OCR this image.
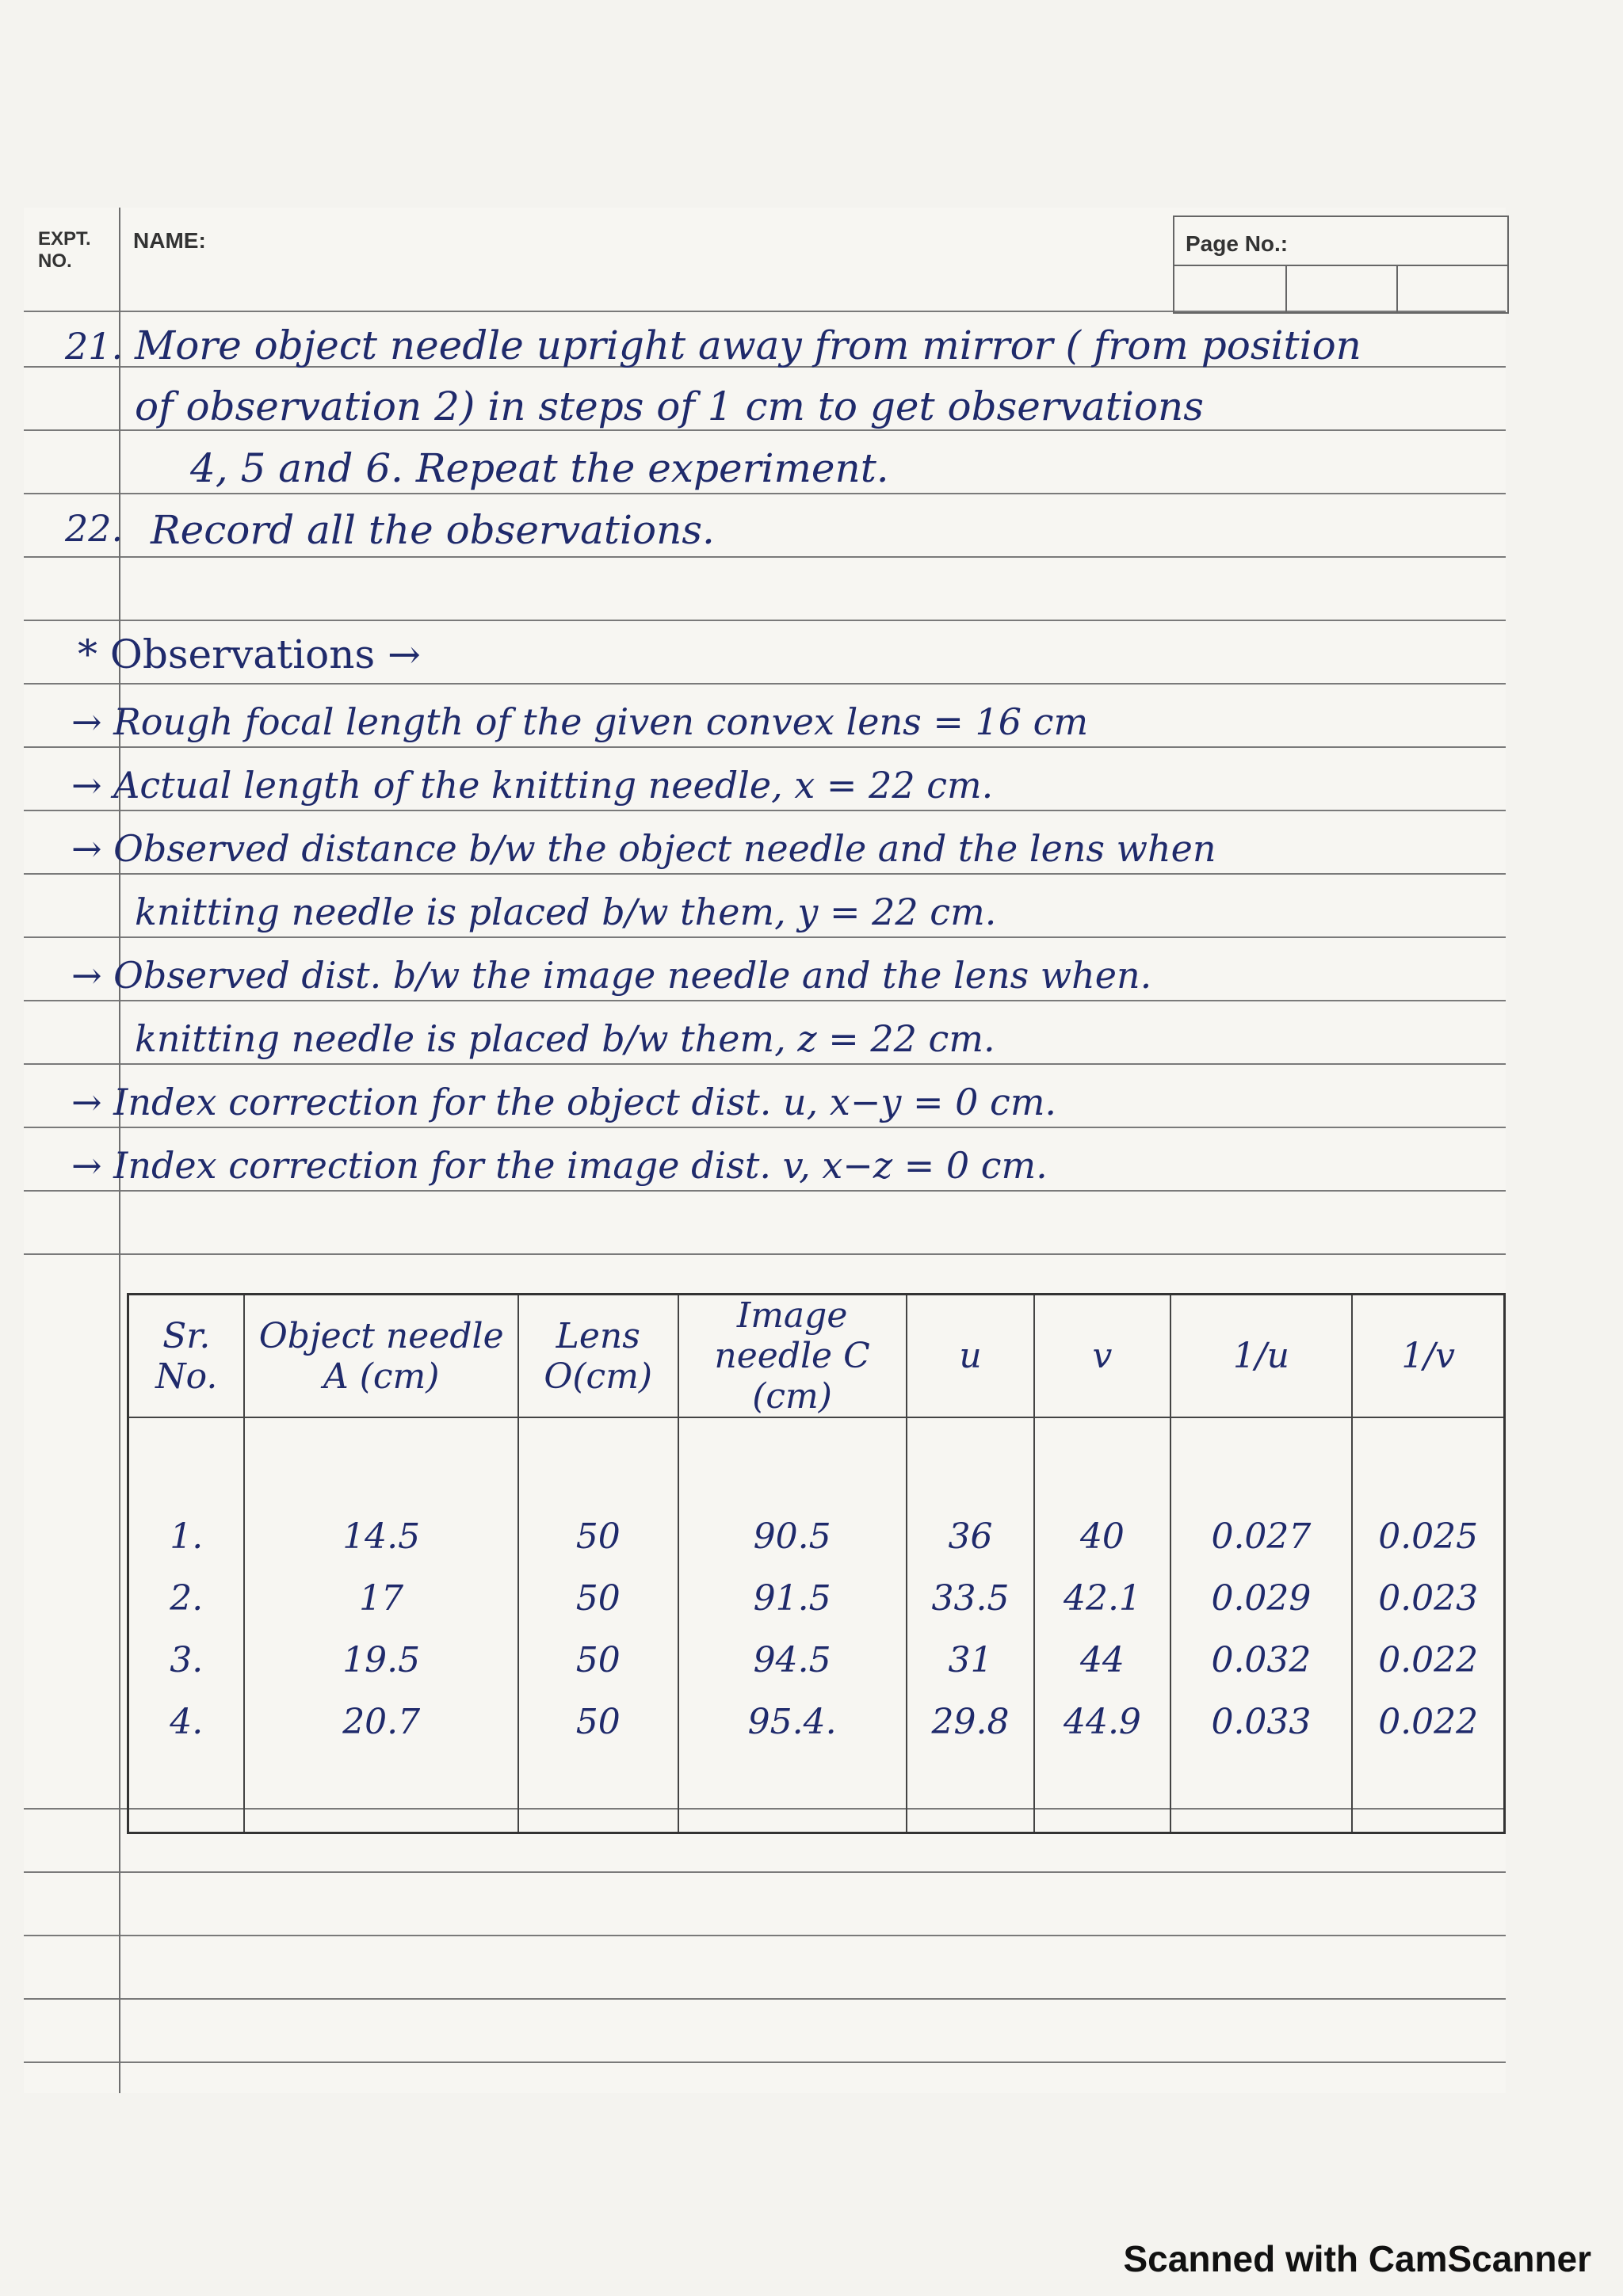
EXPT. NO.
NAME:	Page No.:
21. More object needle upright away from mirror ( from position
of observation 2) in steps of 1 cm to get observations
4, 5 and 6. Repeat the experiment.
22. Record all the observations.
* Observations →
→ Rough focal length of the given convex lens = 16 cm
→ Actual length of the knitting needle, x = 22 cm.
→ Observed distance b/w the object needle and the lens when
knitting needle is placed b/w them, y = 22 cm.
→ Observed dist. b/w the image needle and the lens when.
knitting needle is placed b/w them, z = 22 cm.
→ Index correction for the object dist. u, x−y = 0 cm.
→ Index correction for the image dist. v, x−z = 0 cm.
Sr. No.	Object needle A (cm)	Lens O(cm)	Image needle C (cm)	u	v	1/u	1/v

1.	14.5	50	90.5	36	40	0.027	0.025
2.	17	50	91.5	33.5	42.1	0.029	0.023
3.	19.5	50	94.5	31	44	0.032	0.022
4.	20.7	50	95.4.	29.8	44.9	0.033	0.022

Scanned with CamScanner
